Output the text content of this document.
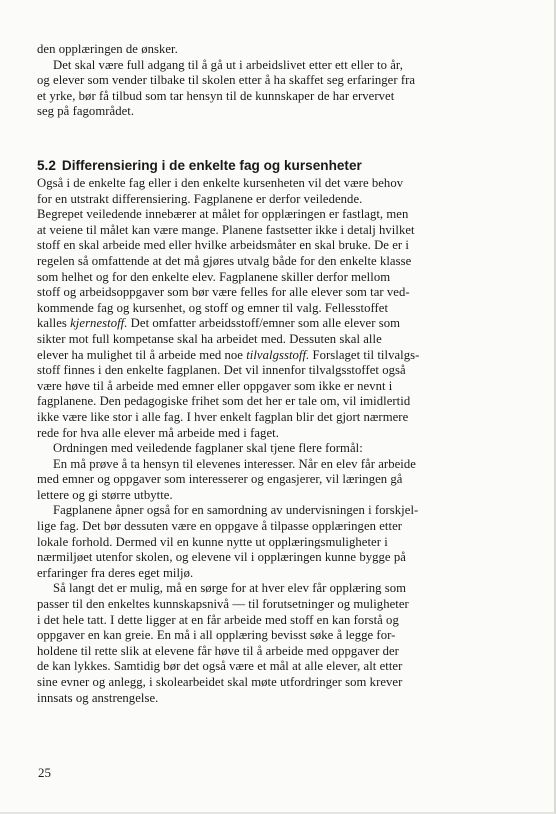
den opplæringen de ønsker.
Det skal være full adgang til å gå ut i arbeidslivet etter ett eller to år,
og elever som vender tilbake til skolen etter å ha skaffet seg erfaringer fra
et yrke, bør få tilbud som tar hensyn til de kunnskaper de har ervervet
seg på fagområdet.
5.2 Differensiering i de enkelte fag og kursenheter
Også i de enkelte fag eller i den enkelte kursenheten vil det være behov
for en utstrakt differensiering. Fagplanene er derfor veiledende.
Begrepet veiledende innebærer at målet for opplæringen er fastlagt, men
at veiene til målet kan være mange. Planene fastsetter ikke i detalj hvilket
stoff en skal arbeide med eller hvilke arbeidsmåter en skal bruke. De er i
regelen så omfattende at det må gjøres utvalg både for den enkelte klasse
som helhet og for den enkelte elev. Fagplanene skiller derfor mellom
stoff og arbeidsoppgaver som bør være felles for alle elever som tar ved-
kommende fag og kursenhet, og stoff og emner til valg. Fellesstoffet
kalles kjernestoff. Det omfatter arbeidsstoff/emner som alle elever som
sikter mot full kompetanse skal ha arbeidet med. Dessuten skal alle
elever ha mulighet til å arbeide med noe tilvalgsstoff. Forslaget til tilvalgs-
stoff finnes i den enkelte fagplanen. Det vil innenfor tilvalgsstoffet også
være høve til å arbeide med emner eller oppgaver som ikke er nevnt i
fagplanene. Den pedagogiske frihet som det her er tale om, vil imidlertid
ikke være like stor i alle fag. I hver enkelt fagplan blir det gjort nærmere
rede for hva alle elever må arbeide med i faget.
Ordningen med veiledende fagplaner skal tjene flere formål:
En må prøve å ta hensyn til elevenes interesser. Når en elev får arbeide
med emner og oppgaver som interesserer og engasjerer, vil læringen gå
lettere og gi større utbytte.
Fagplanene åpner også for en samordning av undervisningen i forskjel-
lige fag. Det bør dessuten være en oppgave å tilpasse opplæringen etter
lokale forhold. Dermed vil en kunne nytte ut opplæringsmuligheter i
nærmiljøet utenfor skolen, og elevene vil i opplæringen kunne bygge på
erfaringer fra deres eget miljø.
Så langt det er mulig, må en sørge for at hver elev får opplæring som
passer til den enkeltes kunnskapsnivå — til forutsetninger og muligheter
i det hele tatt. I dette ligger at en får arbeide med stoff en kan forstå og
oppgaver en kan greie. En må i all opplæring bevisst søke å legge for-
holdene til rette slik at elevene får høve til å arbeide med oppgaver der
de kan lykkes. Samtidig bør det også være et mål at alle elever, alt etter
sine evner og anlegg, i skolearbeidet skal møte utfordringer som krever
innsats og anstrengelse.
25
